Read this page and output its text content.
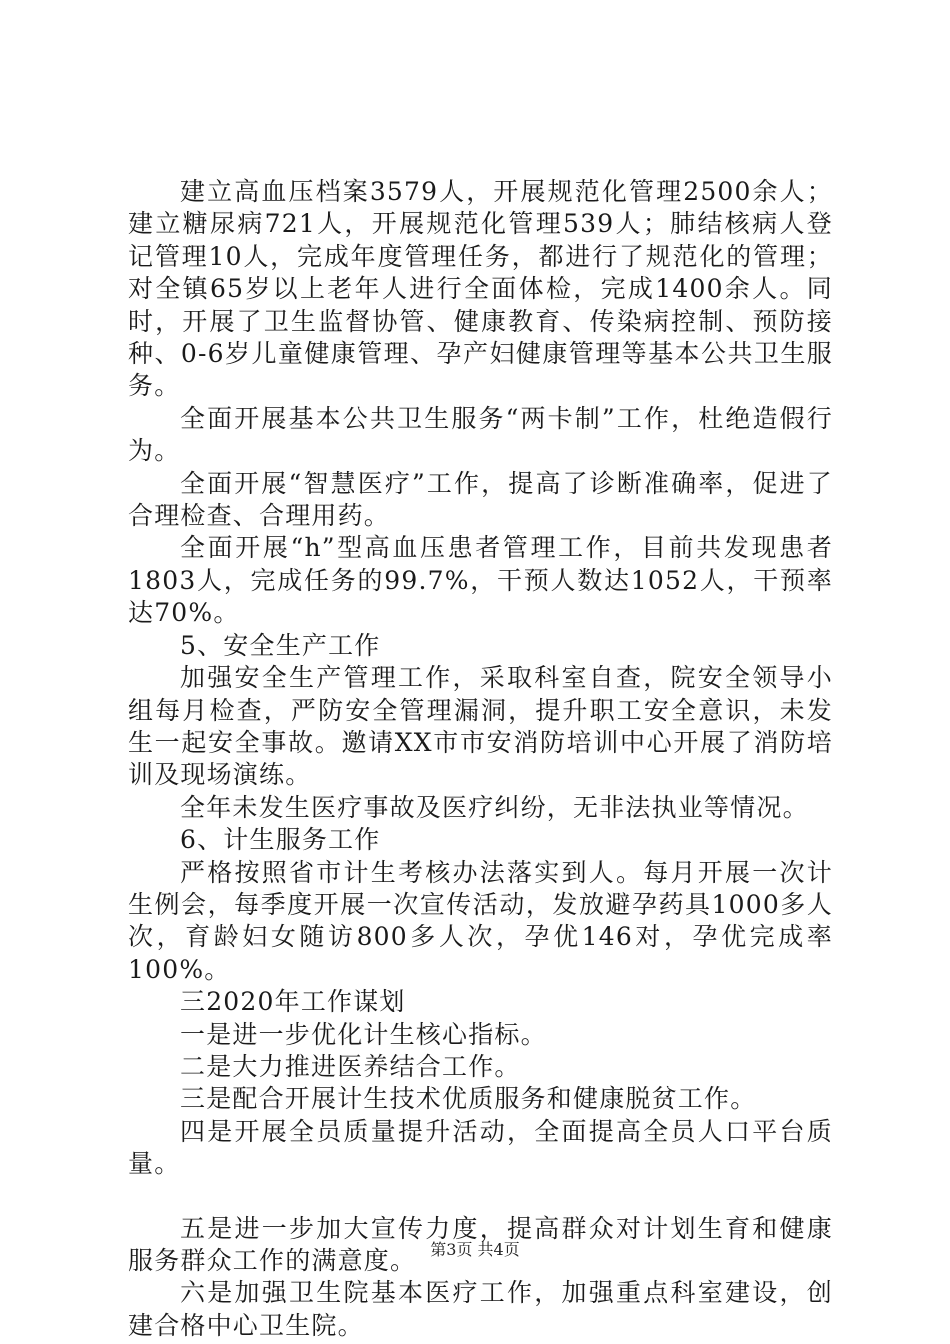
建立高血压档案3579人，开展规范化管理2500余人；建立糖尿病721人，开展规范化管理539人；肺结核病人登记管理10人，完成年度管理任务，都进行了规范化的管理；对全镇65岁以上老年人进行全面体检，完成1400余人。同时，开展了卫生监督协管、健康教育、传染病控制、预防接种、0-6岁儿童健康管理、孕产妇健康管理等基本公共卫生服务。

全面开展基本公共卫生服务“两卡制”工作，杜绝造假行为。

全面开展“智慧医疗”工作，提高了诊断准确率，促进了合理检查、合理用药。

全面开展“h”型高血压患者管理工作，目前共发现患者1803人，完成任务的99.7%，干预人数达1052人，干预率达70%。

5、安全生产工作

加强安全生产管理工作，采取科室自查，院安全领导小组每月检查，严防安全管理漏洞，提升职工安全意识，未发生一起安全事故。邀请XX市市安消防培训中心开展了消防培训及现场演练。

全年未发生医疗事故及医疗纠纷，无非法执业等情况。

6、计生服务工作

严格按照省市计生考核办法落实到人。每月开展一次计生例会，每季度开展一次宣传活动，发放避孕药具1000多人次，育龄妇女随访800多人次，孕优146对，孕优完成率100%。

三2020年工作谋划

一是进一步优化计生核心指标。

二是大力推进医养结合工作。

三是配合开展计生技术优质服务和健康脱贫工作。

四是开展全员质量提升活动，全面提高全员人口平台质量。

五是进一步加大宣传力度，提高群众对计划生育和健康服务群众工作的满意度。

六是加强卫生院基本医疗工作，加强重点科室建设，创建合格中心卫生院。

第3页 共4页
